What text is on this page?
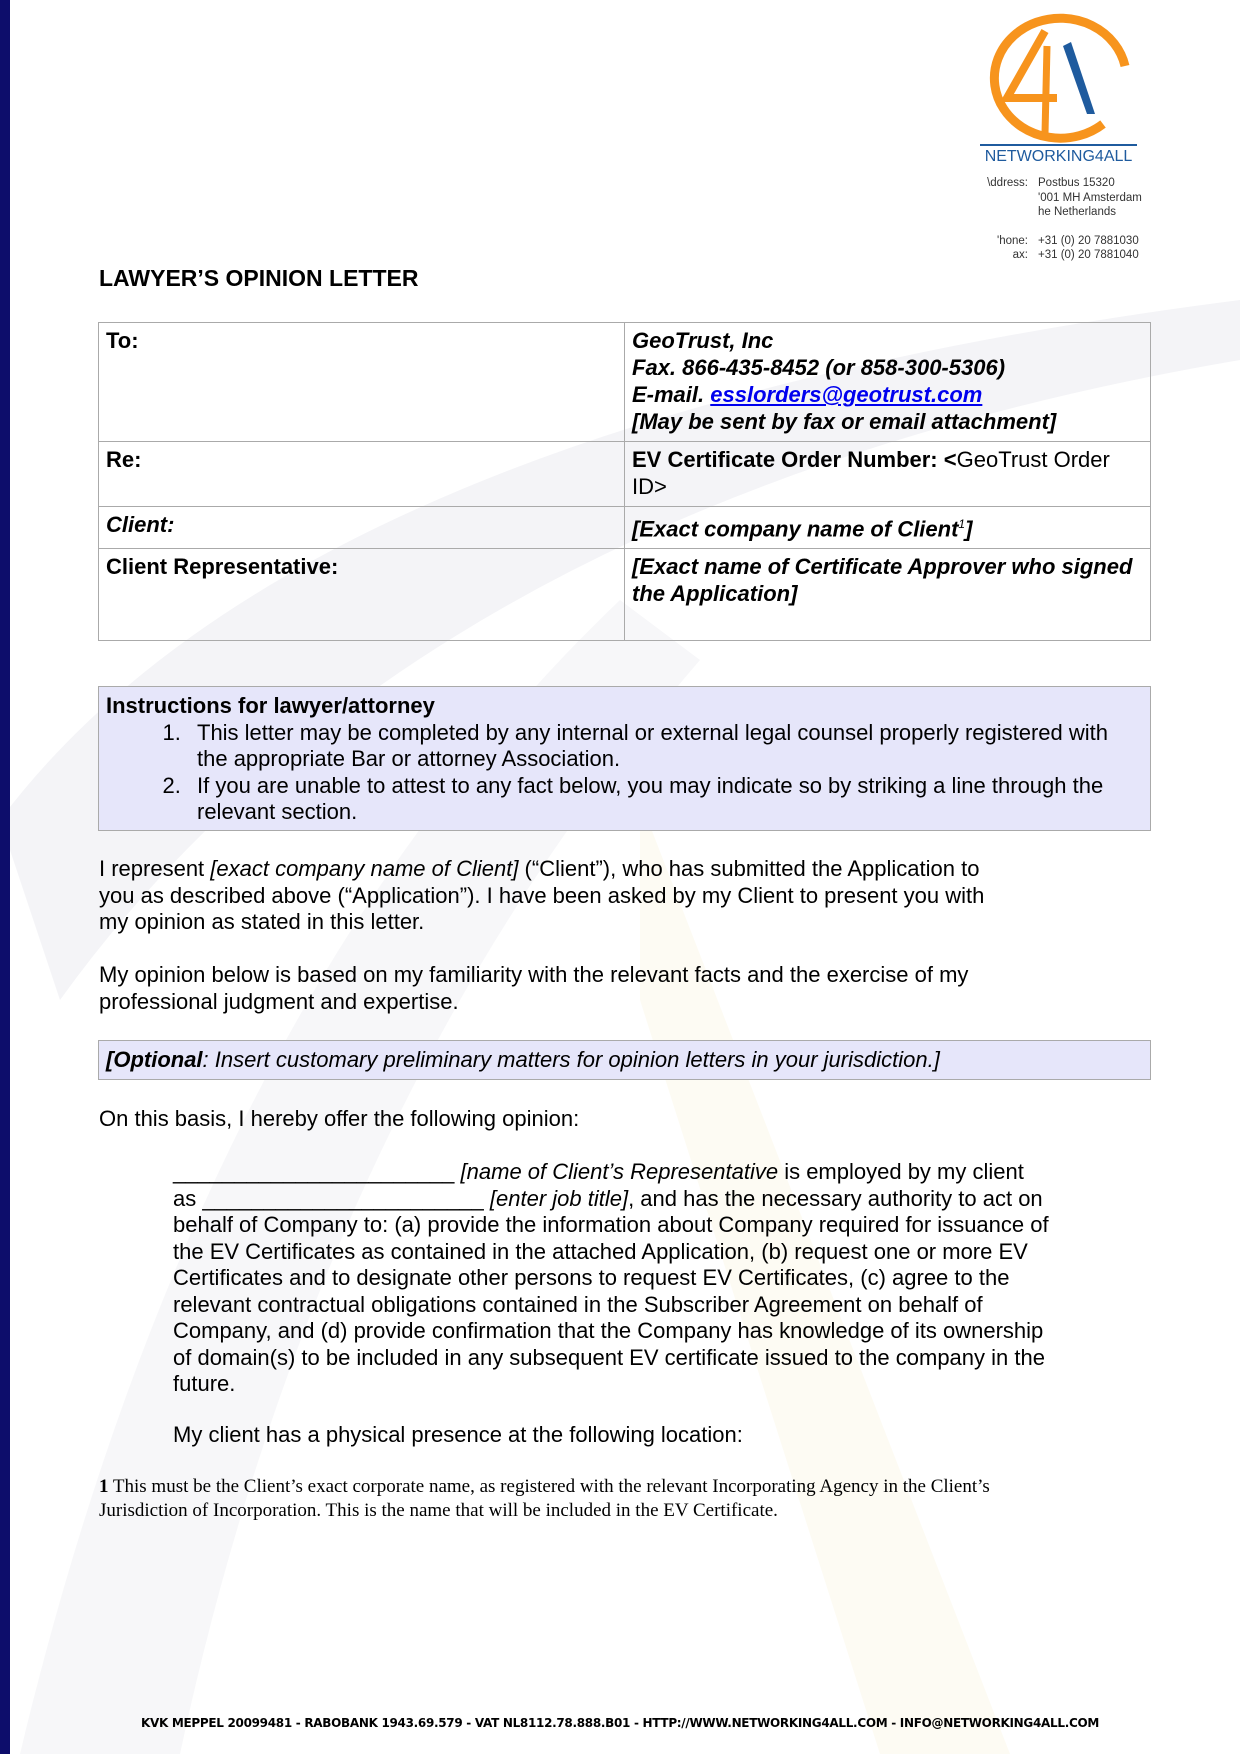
NETWORKING4ALL
\ddress: Postbus 15320
'001 MH Amsterdam
he Netherlands
'hone: +31 (0) 20 7881030
ax: +31 (0) 20 7881040
LAWYER’S OPINION LETTER
To:	GeoTrust, Inc
Fax. 866-435-8452 (or 858-300-5306)
E-mail. esslorders@geotrust.com
[May be sent by fax or email attachment]

Re:	EV Certificate Order Number: <GeoTrust Order ID>
Client:	[Exact company name of Client$^1$]
Client Representative:	[Exact name of Certificate Approver who signed the Application]
Instructions for lawyer/attorney
1. This letter may be completed by any internal or external legal counsel properly registered with the appropriate Bar or attorney Association.
2. If you are unable to attest to any fact below, you may indicate so by striking a line through the relevant section.
I represent [exact company name of Client] (“Client”), who has submitted the Application to you as described above (“Application”). I have been asked by my Client to present you with my opinion as stated in this letter.
My opinion below is based on my familiarity with the relevant facts and the exercise of my professional judgment and expertise.
[Optional: Insert customary preliminary matters for opinion letters in your jurisdiction.]
On this basis, I hereby offer the following opinion:
_______________________ [name of Client’s Representative is employed by my client as _______________________ [enter job title], and has the necessary authority to act on behalf of Company to: (a) provide the information about Company required for issuance of the EV Certificates as contained in the attached Application, (b) request one or more EV Certificates and to designate other persons to request EV Certificates, (c) agree to the relevant contractual obligations contained in the Subscriber Agreement on behalf of Company, and (d) provide confirmation that the Company has knowledge of its ownership of domain(s) to be included in any subsequent EV certificate issued to the company in the future.
My client has a physical presence at the following location:
1 This must be the Client’s exact corporate name, as registered with the relevant Incorporating Agency in the Client’s Jurisdiction of Incorporation. This is the name that will be included in the EV Certificate.
KVK MEPPEL 20099481 - RABOBANK 1943.69.579 - VAT NL8112.78.888.B01 - HTTP://WWW.NETWORKING4ALL.COM - INFO@NETWORKING4ALL.COM
